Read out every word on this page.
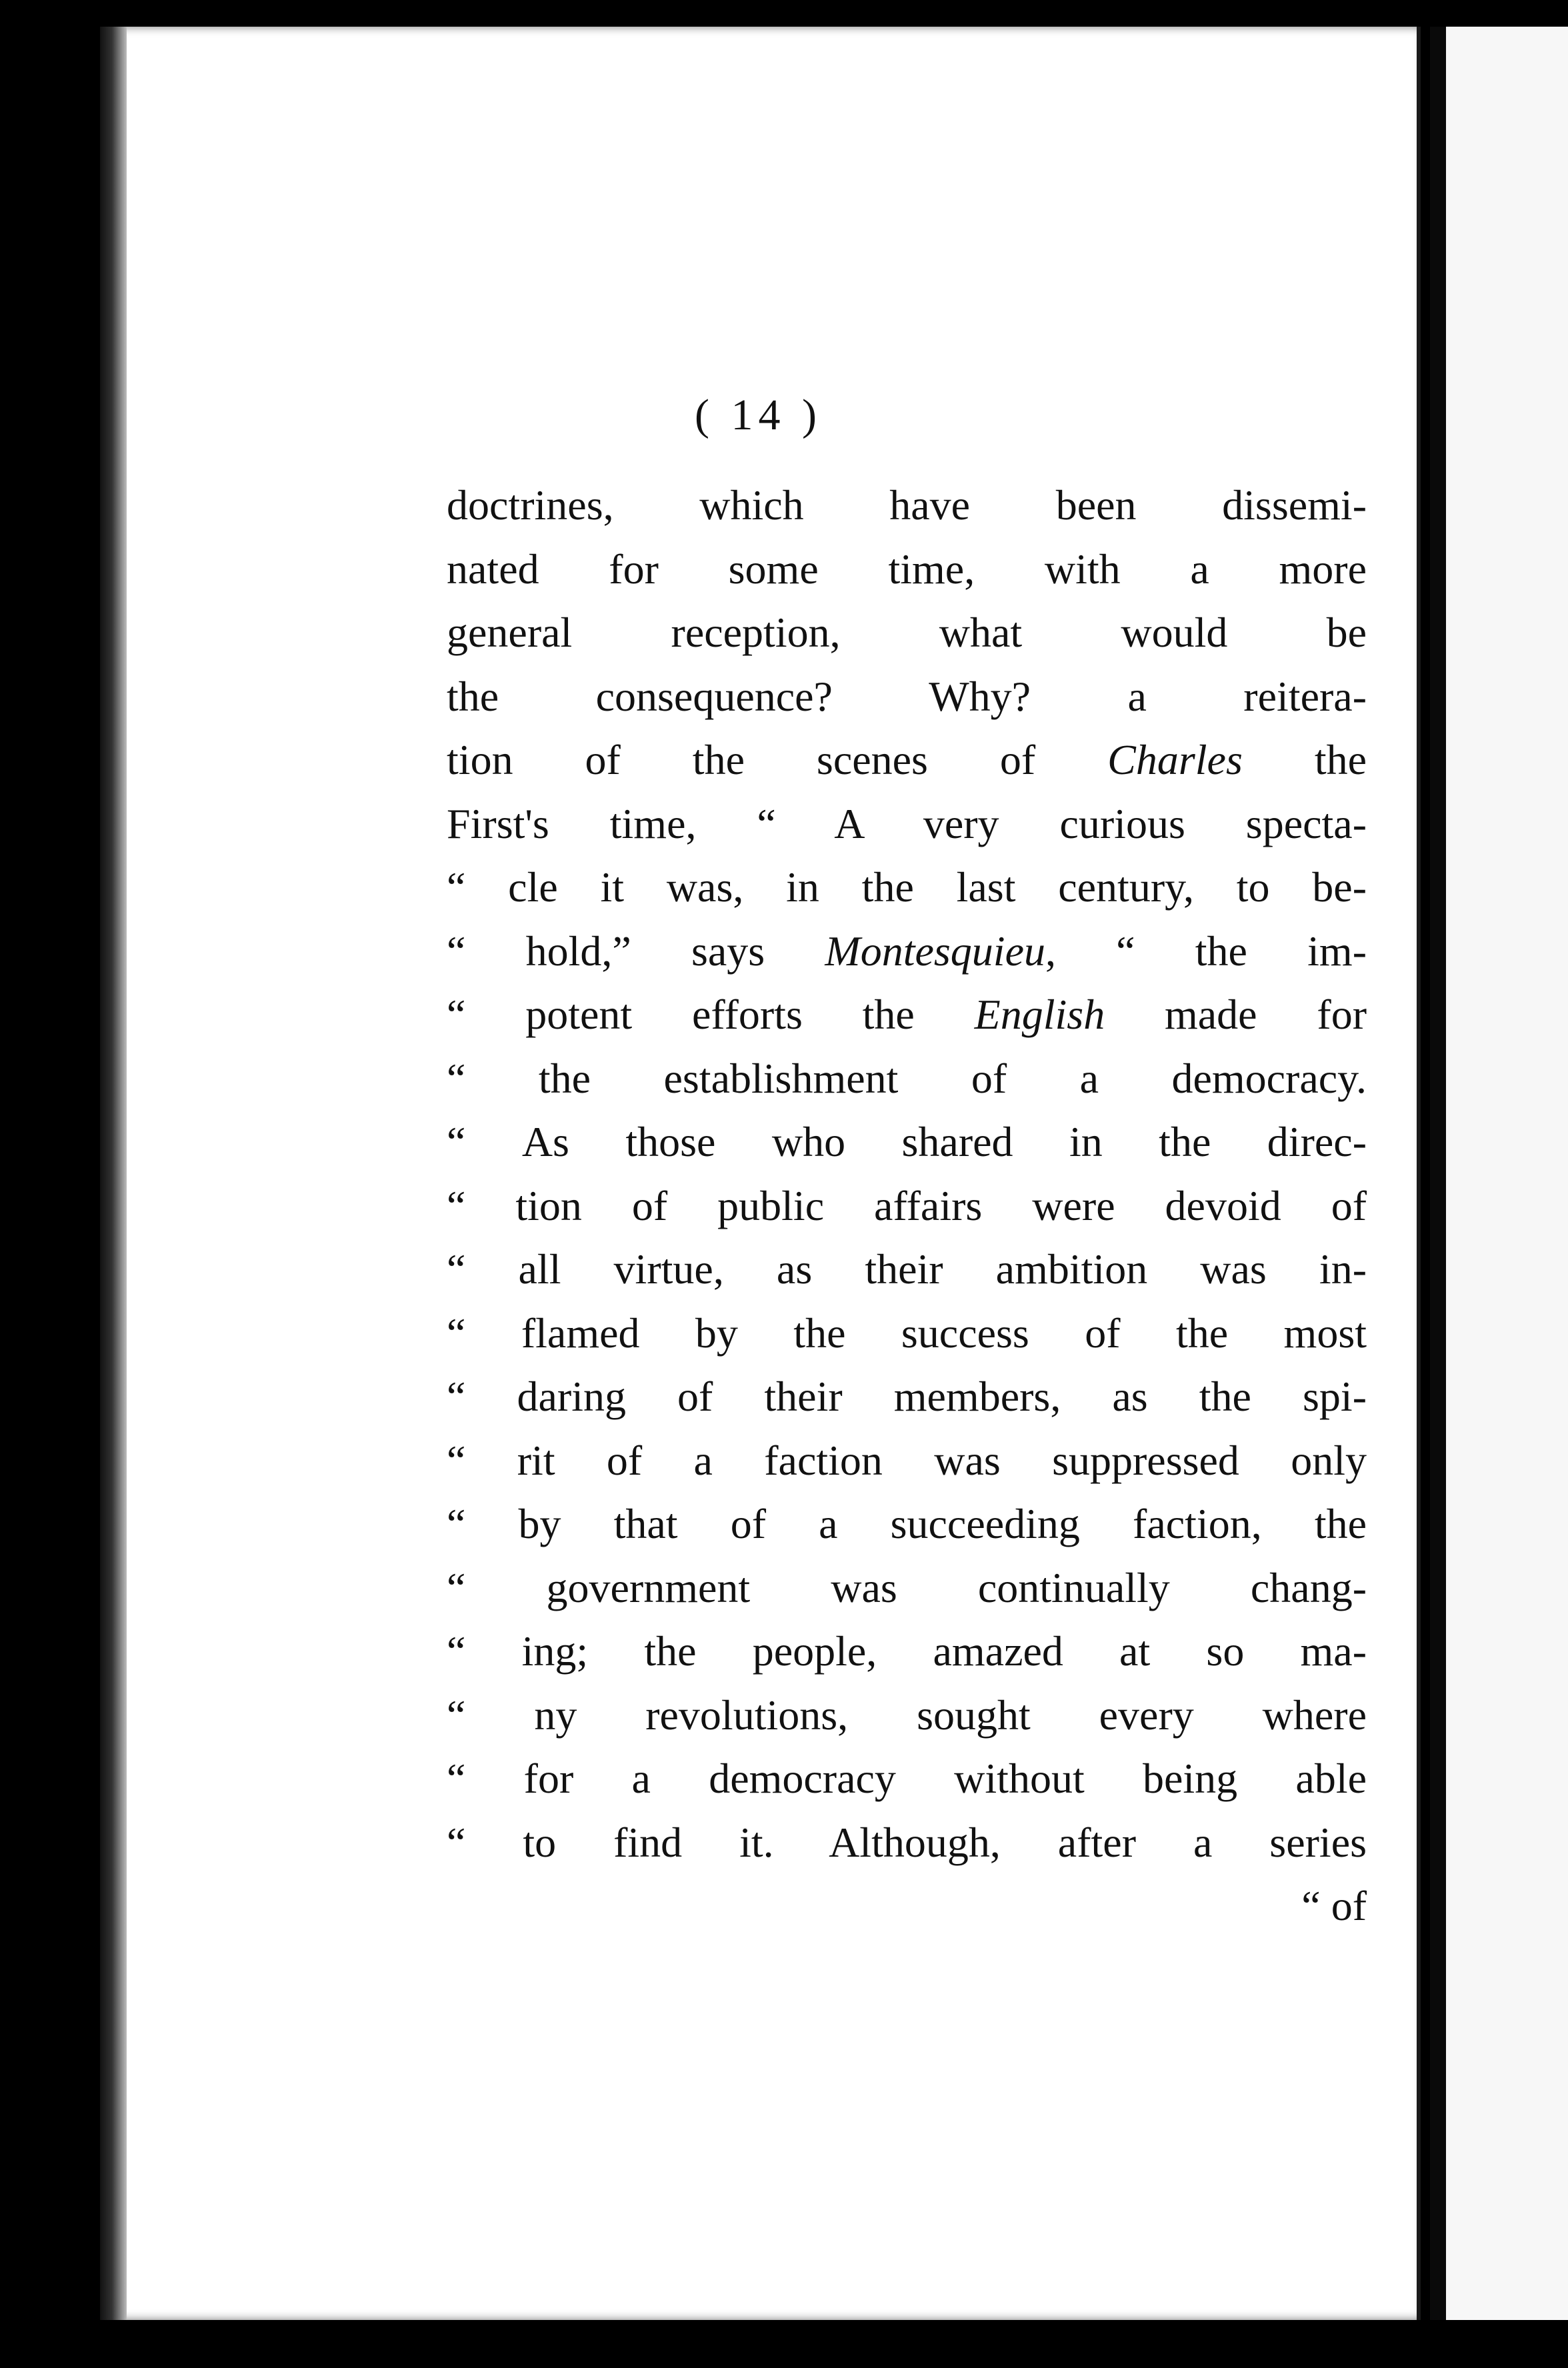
( 14 )
doctrines, which have been dissemi-
nated for some time, with a more
general reception, what would be
the consequence? Why? a reitera-
tion of the scenes of Charles the
First's time, “ A very curious specta-
“ cle it was, in the last century, to be-
“ hold,” says Montesquieu, “ the im-
“ potent efforts the English made for
“ the establishment of a democracy.
“ As those who shared in the direc-
“ tion of public affairs were devoid of
“ all virtue, as their ambition was in-
“ flamed by the success of the most
“ daring of their members, as the spi-
“ rit of a faction was suppressed only
“ by that of a succeeding faction, the
“ government was continually chang-
“ ing; the people, amazed at so ma-
“ ny revolutions, sought every where
“ for a democracy without being able
“ to find it. Although, after a series
“ of
